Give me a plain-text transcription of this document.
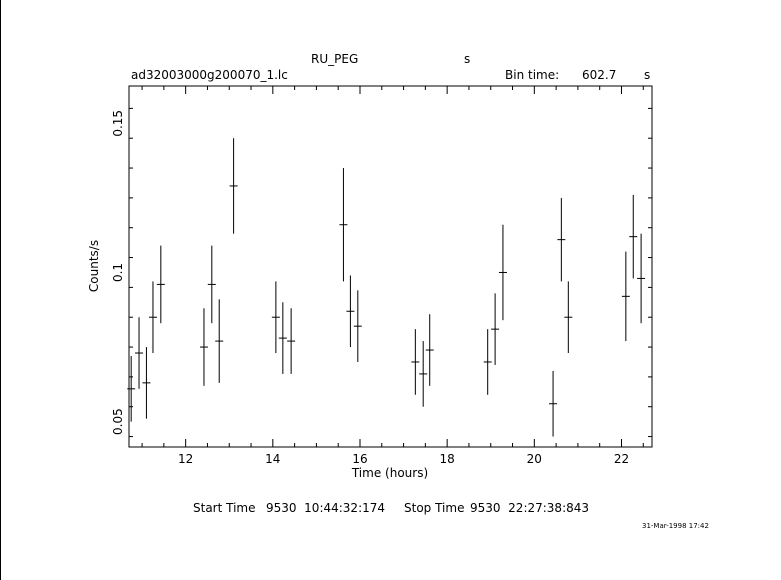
RU_PEG	s
ad32003000g200070_1.lc	Bin time: 602.7 s
12	14	16	18	20	22
0.05
0.1
0.15
Time (hours)
Counts/s
Start Time 9530  10:44:32:174 Stop Time 9530  22:27:38:843
31-Mar-1998 17:42
